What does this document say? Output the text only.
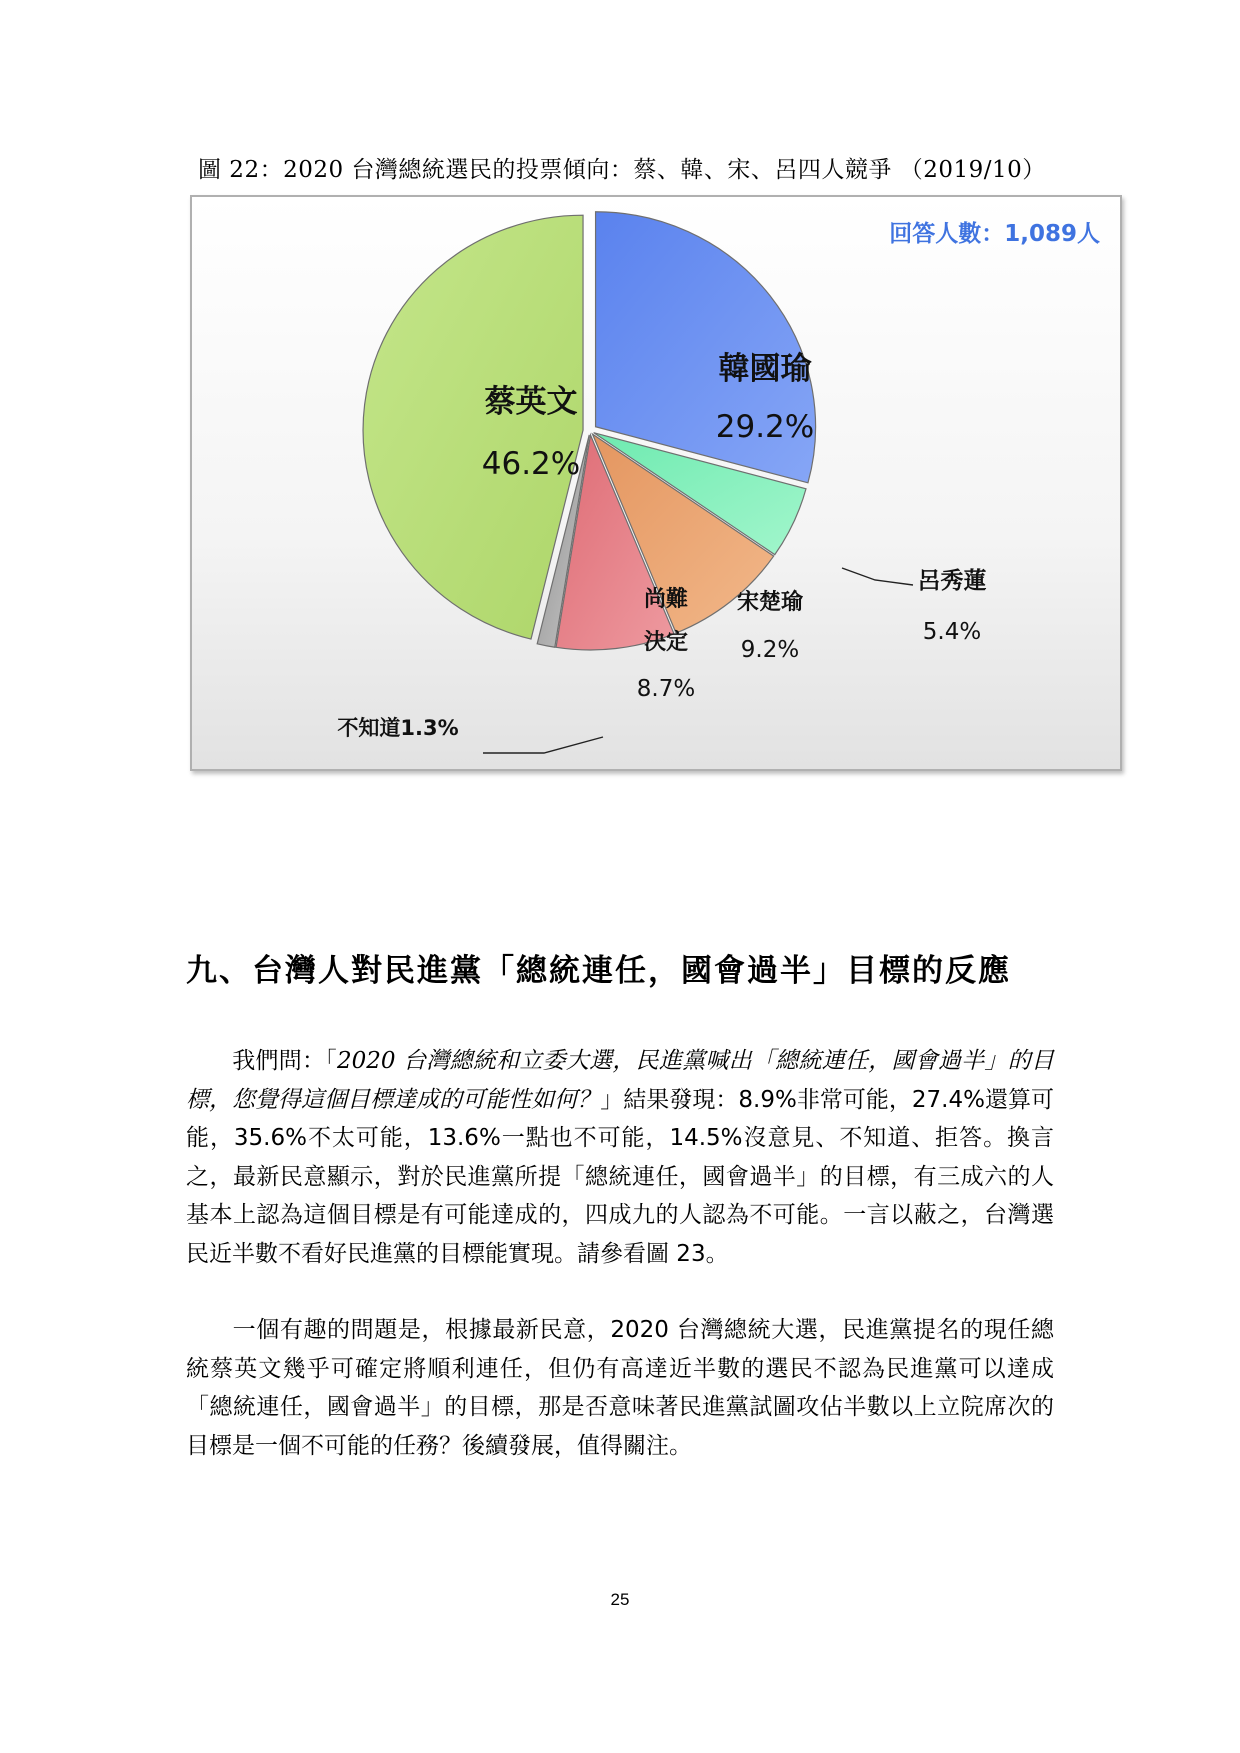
圖 22：2020 台灣總統選民的投票傾向：蔡、韓、宋、呂四人競爭 （2019/10）
回答人數：1,089人
韓國瑜
29.2%
蔡英文
46.2%
呂秀蓮
5.4%
宋楚瑜
9.2%
尚難
決定
8.7%
不知道1.3%
九、台灣人對民進黨「總統連任，國會過半」目標的反應
我們問：「2020 台灣總統和立委大選，民進黨喊出「總統連任，國會過半」的目標，您覺得這個目標達成的可能性如何？」結果發現：8.9%非常可能，27.4%還算可能，35.6%不太可能，13.6%一點也不可能，14.5%沒意見、不知道、拒答。換言之，最新民意顯示，對於民進黨所提「總統連任，國會過半」的目標，有三成六的人基本上認為這個目標是有可能達成的，四成九的人認為不可能。一言以蔽之，台灣選民近半數不看好民進黨的目標能實現。請參看圖 23。
一個有趣的問題是，根據最新民意，2020 台灣總統大選，民進黨提名的現任總統蔡英文幾乎可確定將順利連任，但仍有高達近半數的選民不認為民進黨可以達成「總統連任，國會過半」的目標，那是否意味著民進黨試圖攻佔半數以上立院席次的目標是一個不可能的任務？後續發展，值得關注。
25
